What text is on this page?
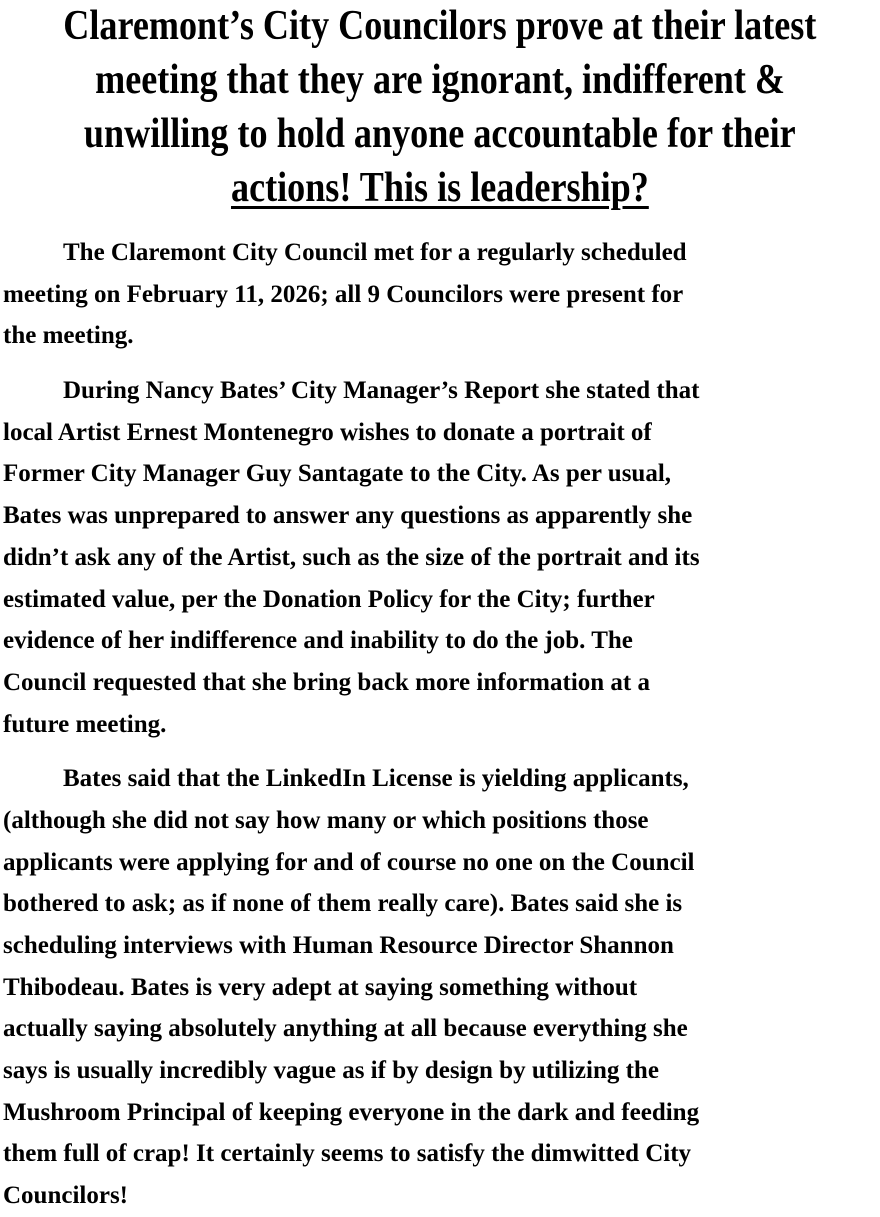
Claremont’s City Councilors prove at their latest
meeting that they are ignorant, indifferent &
unwilling to hold anyone accountable for their
actions! This is leadership?

The Claremont City Council met for a regularly scheduled
meeting on February 11, 2026; all 9 Councilors were present for
the meeting.

During Nancy Bates’ City Manager’s Report she stated that
local Artist Ernest Montenegro wishes to donate a portrait of
Former City Manager Guy Santagate to the City. As per usual,
Bates was unprepared to answer any questions as apparently she
didn’t ask any of the Artist, such as the size of the portrait and its
estimated value, per the Donation Policy for the City; further
evidence of her indifference and inability to do the job. The
Council requested that she bring back more information at a
future meeting.

Bates said that the LinkedIn License is yielding applicants,
(although she did not say how many or which positions those
applicants were applying for and of course no one on the Council
bothered to ask; as if none of them really care). Bates said she is
scheduling interviews with Human Resource Director Shannon
Thibodeau. Bates is very adept at saying something without
actually saying absolutely anything at all because everything she
says is usually incredibly vague as if by design by utilizing the
Mushroom Principal of keeping everyone in the dark and feeding
them full of crap! It certainly seems to satisfy the dimwitted City
Councilors!
